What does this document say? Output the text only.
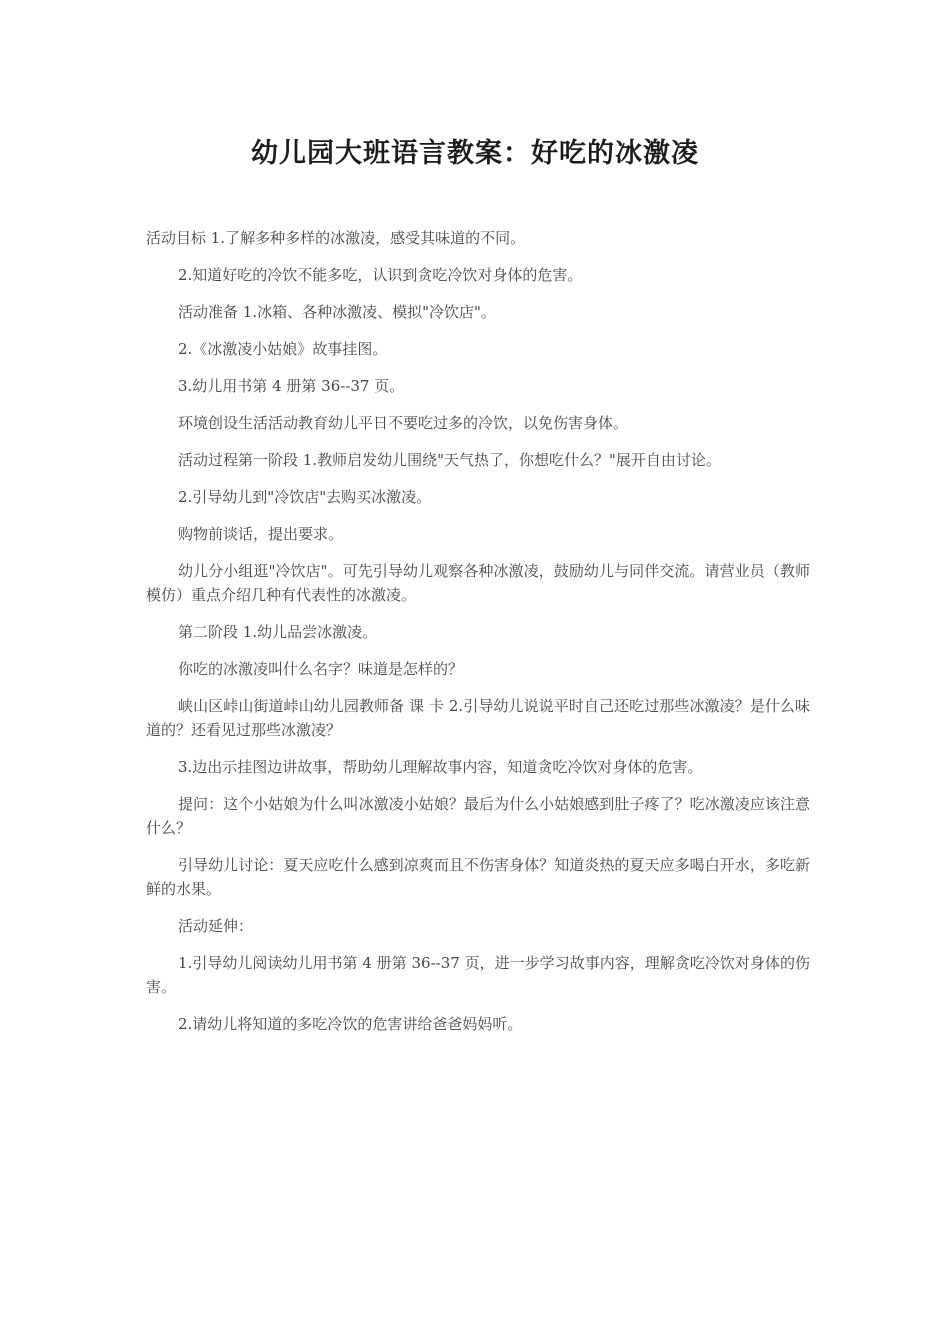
幼儿园大班语言教案：好吃的冰激凌

活动目标 1.了解多种多样的冰激凌，感受其味道的不同。

2.知道好吃的冷饮不能多吃，认识到贪吃冷饮对身体的危害。

活动准备 1.冰箱、各种冰激凌、模拟"冷饮店"。

2.《冰激凌小姑娘》故事挂图。

3.幼儿用书第 4 册第 36--37 页。

环境创设生活活动教育幼儿平日不要吃过多的冷饮，以免伤害身体。

活动过程第一阶段 1.教师启发幼儿围绕"天气热了，你想吃什么？"展开自由讨论。

2.引导幼儿到"冷饮店"去购买冰激凌。

购物前谈话，提出要求。

幼儿分小组逛"冷饮店"。可先引导幼儿观察各种冰激凌，鼓励幼儿与同伴交流。请营业员（教师模仿）重点介绍几种有代表性的冰激凌。

第二阶段 1.幼儿品尝冰激凌。

你吃的冰激凌叫什么名字？味道是怎样的？

峡山区峠山街道峠山幼儿园教师备 课 卡 2.引导幼儿说说平时自己还吃过那些冰激凌？是什么味道的？还看见过那些冰激凌？

3.边出示挂图边讲故事，帮助幼儿理解故事内容，知道贪吃冷饮对身体的危害。

提问：这个小姑娘为什么叫冰激凌小姑娘？最后为什么小姑娘感到肚子疼了？吃冰激凌应该注意什么？

引导幼儿讨论：夏天应吃什么感到凉爽而且不伤害身体？知道炎热的夏天应多喝白开水，多吃新鲜的水果。

活动延伸：

1.引导幼儿阅读幼儿用书第 4 册第 36--37 页，进一步学习故事内容，理解贪吃冷饮对身体的伤害。

2.请幼儿将知道的多吃冷饮的危害讲给爸爸妈妈听。
